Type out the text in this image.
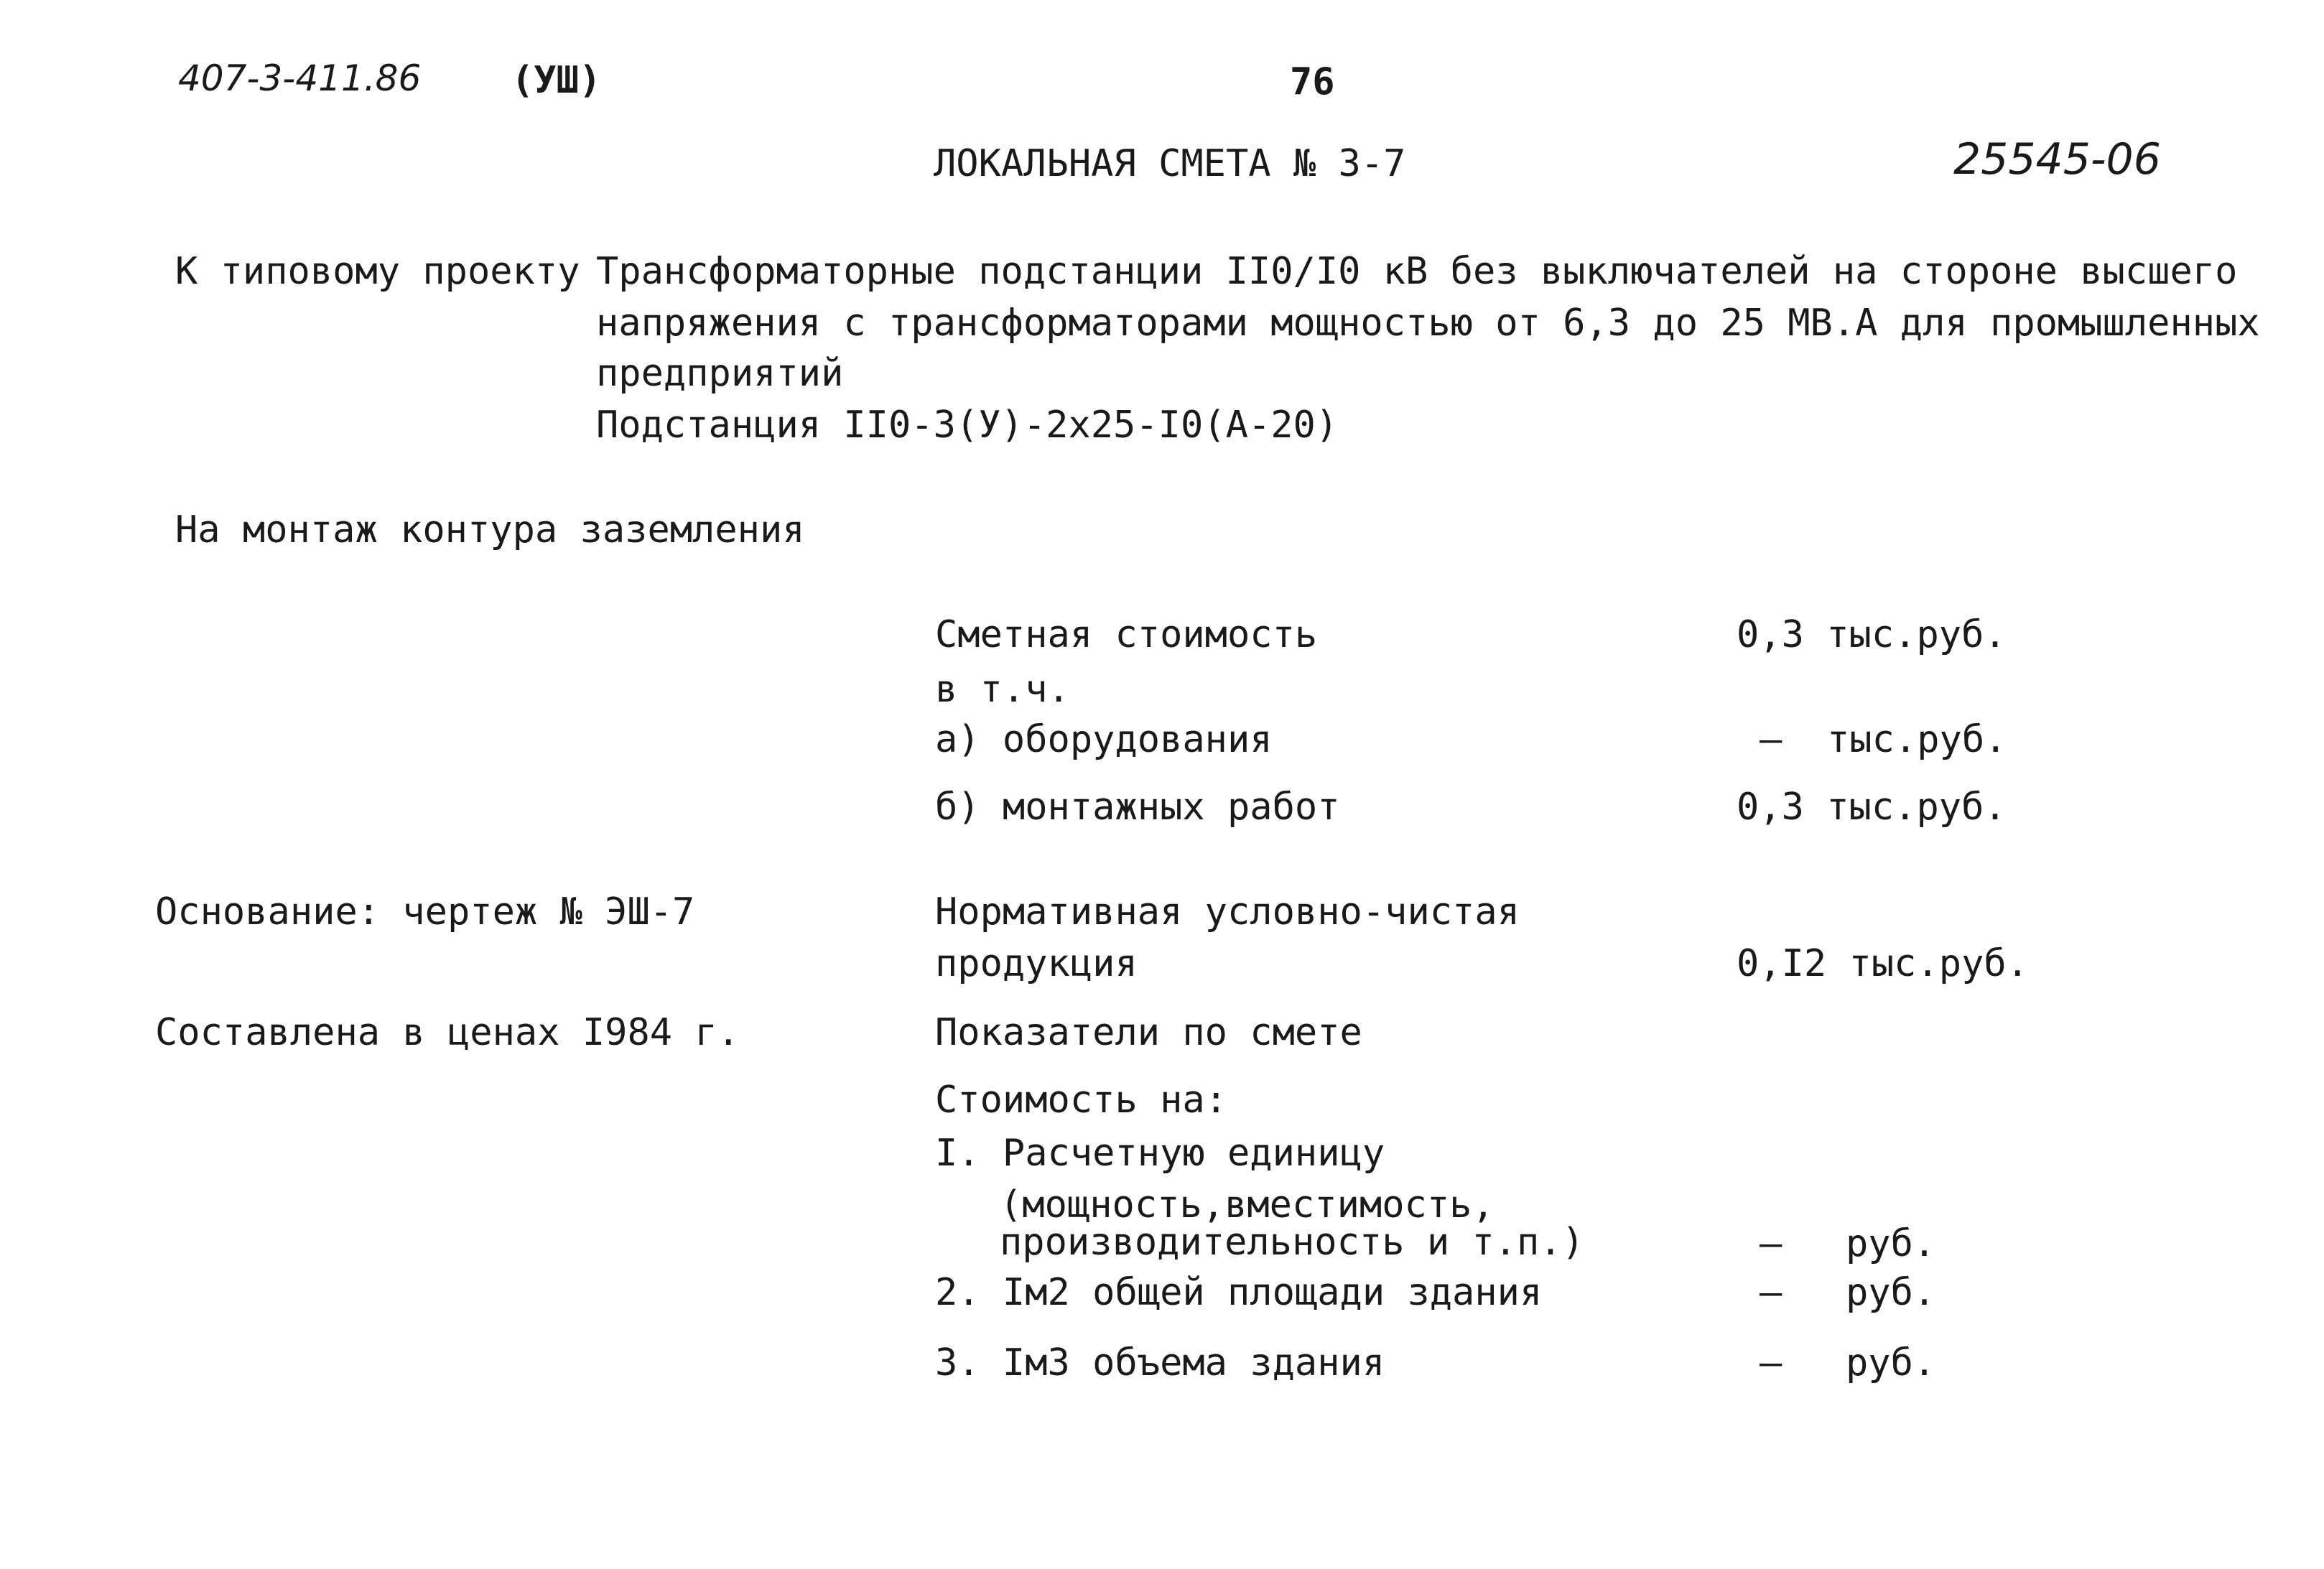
407-3-411.86 (УШ)	76
ЛОКАЛЬНАЯ СМЕТА № 3-7	25545-06
К типовому проекту Трансформаторные подстанции II0/I0 кВ без выключателей на стороне высшего
напряжения с трансформаторами мощностью от 6,3 до 25 МВ.А для промышленных
предприятий
Подстанция II0-3(У)-2х25-I0(А-20)
На монтаж контура заземления
Сметная стоимость	0,3 тыс.руб.
в т.ч.
а) оборудования	– тыс.руб.
б) монтажных работ	0,3 тыс.руб.
Основание: чертеж № ЭШ-7	Нормативная условно-чистая
продукция	0,I2 тыс.руб.
Составлена в ценах I984 г.	Показатели по смете
Стоимость на:
I. Расчетную единицу
(мощность,вместимость,
производительность и т.п.)	– руб.
2. Iм2 общей площади здания	– руб.
3. Iм3 объема здания	– руб.
